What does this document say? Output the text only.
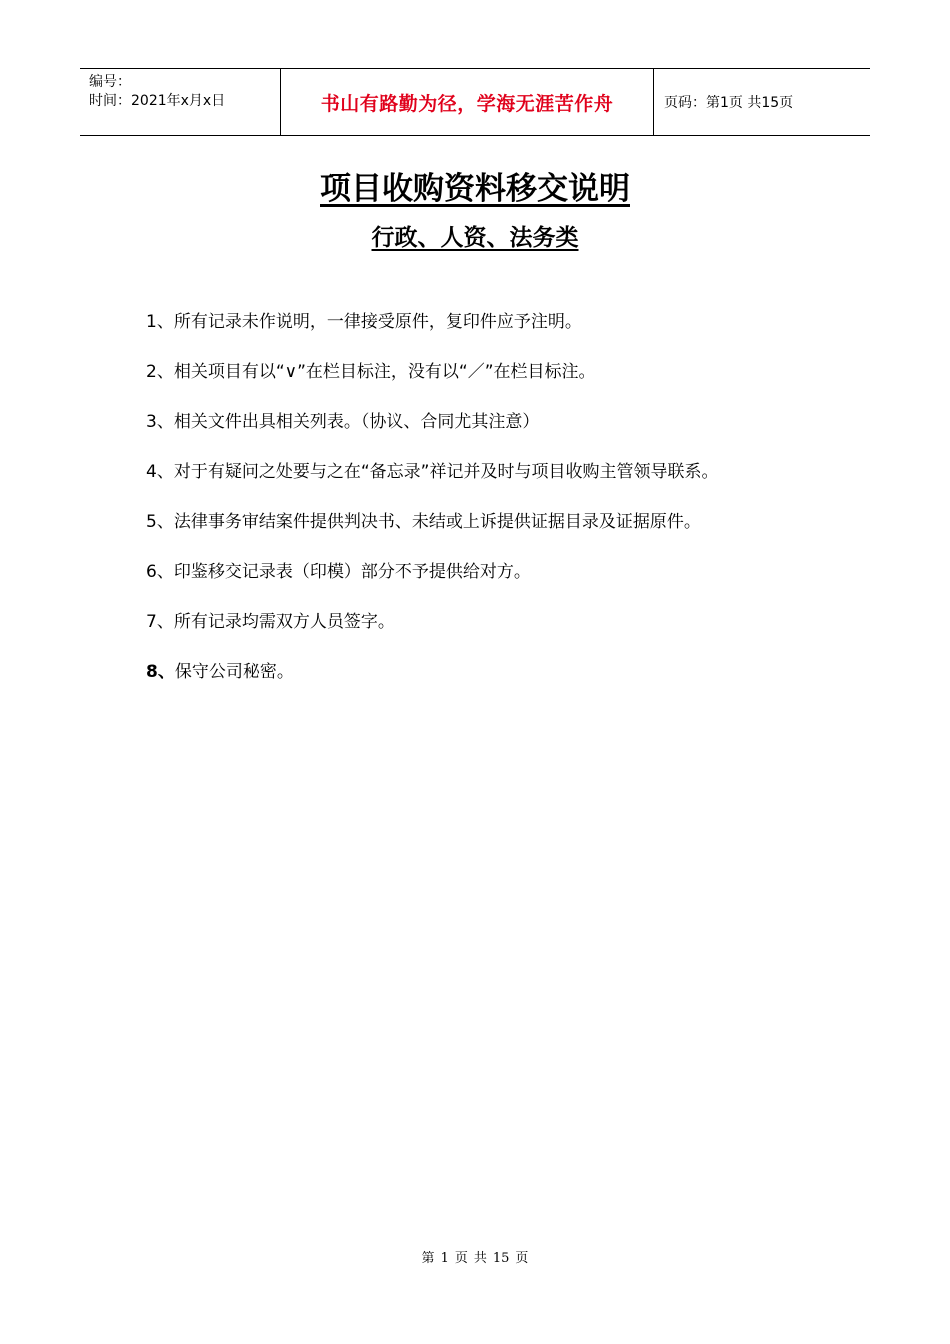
编号：
时间：2021年x月x日	书山有路勤为径，学海无涯苦作舟	页码：第1页 共15页
项目收购资料移交说明
行政、人资、法务类
1、所有记录未作说明，一律接受原件，复印件应予注明。
2、相关项目有以“∨”在栏目标注，没有以“／”在栏目标注。
3、相关文件出具相关列表。（协议、合同尤其注意）
4、对于有疑问之处要与之在“备忘录”祥记并及时与项目收购主管领导联系。
5、法律事务审结案件提供判决书、未结或上诉提供证据目录及证据原件。
6、印鉴移交记录表（印模）部分不予提供给对方。
7、所有记录均需双方人员签字。
8、保守公司秘密。
第 1 页 共 15 页
